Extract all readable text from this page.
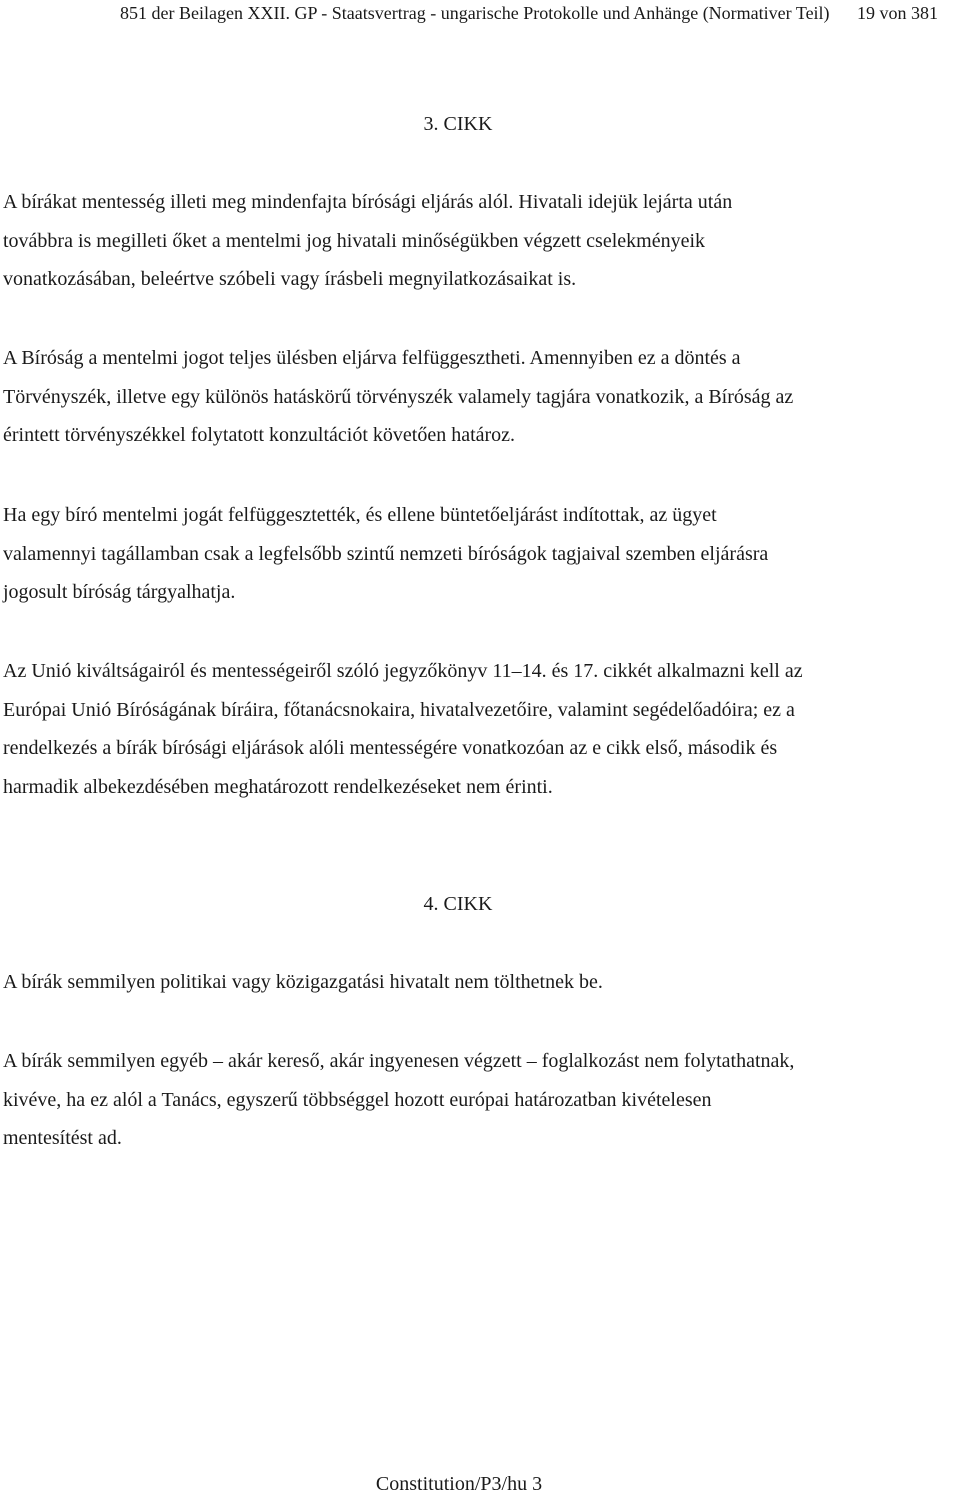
851 der Beilagen XXII. GP - Staatsvertrag - ungarische Protokolle und Anhänge (Normativer Teil) 19 von 381
3. CIKK
A bírákat mentesség illeti meg mindenfajta bírósági eljárás alól. Hivatali idejük lejárta után
továbbra is megilleti őket a mentelmi jog hivatali minőségükben végzett cselekményeik
vonatkozásában, beleértve szóbeli vagy írásbeli megnyilatkozásaikat is.
A Bíróság a mentelmi jogot teljes ülésben eljárva felfüggesztheti. Amennyiben ez a döntés a
Törvényszék, illetve egy különös hatáskörű törvényszék valamely tagjára vonatkozik, a Bíróság az
érintett törvényszékkel folytatott konzultációt követően határoz.
Ha egy bíró mentelmi jogát felfüggesztették, és ellene büntetőeljárást indítottak, az ügyet
valamennyi tagállamban csak a legfelsőbb szintű nemzeti bíróságok tagjaival szemben eljárásra
jogosult bíróság tárgyalhatja.
Az Unió kiváltságairól és mentességeiről szóló jegyzőkönyv 11–14. és 17. cikkét alkalmazni kell az
Európai Unió Bíróságának bíráira, főtanácsnokaira, hivatalvezetőire, valamint segédelőadóira; ez a
rendelkezés a bírák bírósági eljárások alóli mentességére vonatkozóan az e cikk első, második és
harmadik albekezdésében meghatározott rendelkezéseket nem érinti.
4. CIKK
A bírák semmilyen politikai vagy közigazgatási hivatalt nem tölthetnek be.
A bírák semmilyen egyéb – akár kereső, akár ingyenesen végzett – foglalkozást nem folytathatnak,
kivéve, ha ez alól a Tanács, egyszerű többséggel hozott európai határozatban kivételesen
mentesítést ad.
Constitution/P3/hu 3
